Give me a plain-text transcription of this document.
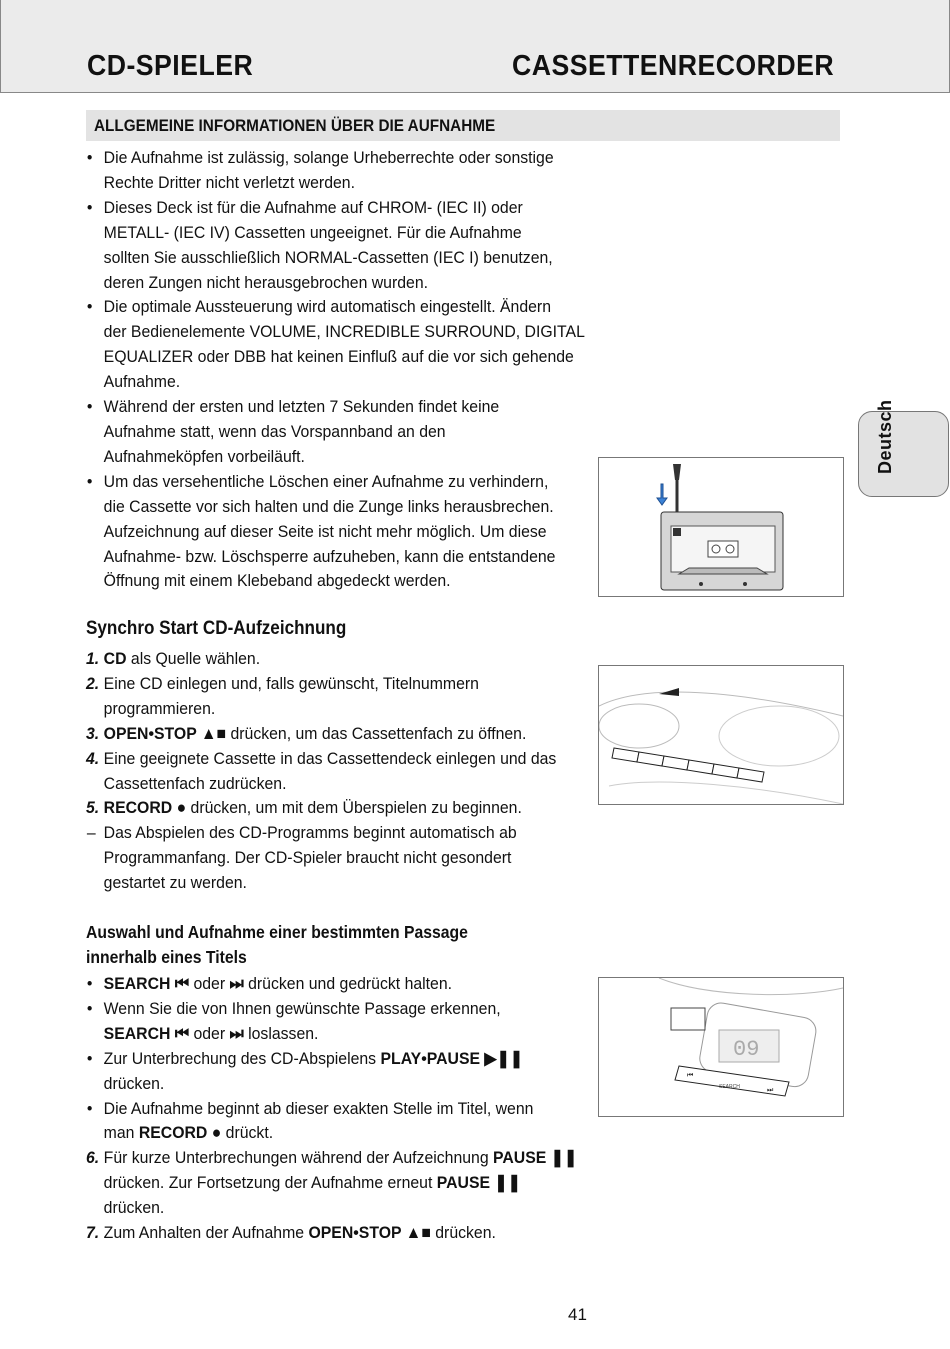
CD-SPIELER	CASSETTENRECORDER
ALLGEMEINE INFORMATIONEN ÜBER DIE AUFNAHME
• Die Aufnahme ist zulässig, solange Urheberrechte oder sonstige
Rechte Dritter nicht verletzt werden.
• Dieses Deck ist für die Aufnahme auf CHROM- (IEC II) oder
METALL- (IEC IV) Cassetten ungeeignet. Für die Aufnahme
sollten Sie ausschließlich NORMAL-Cassetten (IEC I) benutzen,
deren Zungen nicht herausgebrochen wurden.
• Die optimale Aussteuerung wird automatisch eingestellt. Ändern
der Bedienelemente VOLUME, INCREDIBLE SURROUND, DIGITAL
EQUALIZER oder DBB hat keinen Einfluß auf die vor sich gehende
Aufnahme.
• Während der ersten und letzten 7 Sekunden findet keine
Aufnahme statt, wenn das Vorspannband an den
Aufnahmeköpfen vorbeiläuft.
• Um das versehentliche Löschen einer Aufnahme zu verhindern,
die Cassette vor sich halten und die Zunge links herausbrechen.
Aufzeichnung auf dieser Seite ist nicht mehr möglich. Um diese
Aufnahme- bzw. Löschsperre aufzuheben, kann die entstandene
Öffnung mit einem Klebeband abgedeckt werden.
Synchro Start CD-Aufzeichnung
1. CD als Quelle wählen.
2. Eine CD einlegen und, falls gewünscht, Titelnummern
programmieren.
3. OPEN•STOP ▲■ drücken, um das Cassettenfach zu öffnen.
4. Eine geeignete Cassette in das Cassettendeck einlegen und das
Cassettenfach zudrücken.
5. RECORD ● drücken, um mit dem Überspielen zu beginnen.
– Das Abspielen des CD-Programms beginnt automatisch ab
Programmanfang. Der CD-Spieler braucht nicht gesondert
gestartet zu werden.
Auswahl und Aufnahme einer bestimmten Passage
innerhalb eines Titels
• SEARCH ⏮ oder ⏭ drücken und gedrückt halten.
• Wenn Sie die von Ihnen gewünschte Passage erkennen,
SEARCH ⏮ oder ⏭ loslassen.
• Zur Unterbrechung des CD-Abspielens PLAY•PAUSE ▶❚❚
drücken.
• Die Aufnahme beginnt ab dieser exakten Stelle im Titel, wenn
man RECORD ● drückt.
6. Für kurze Unterbrechungen während der Aufzeichnung PAUSE ❚❚
drücken. Zur Fortsetzung der Aufnahme erneut PAUSE ❚❚
drücken.
7. Zum Anhalten der Aufnahme OPEN•STOP ▲■ drücken.
Deutsch
09
SEARCH
⏮
⏭
41
